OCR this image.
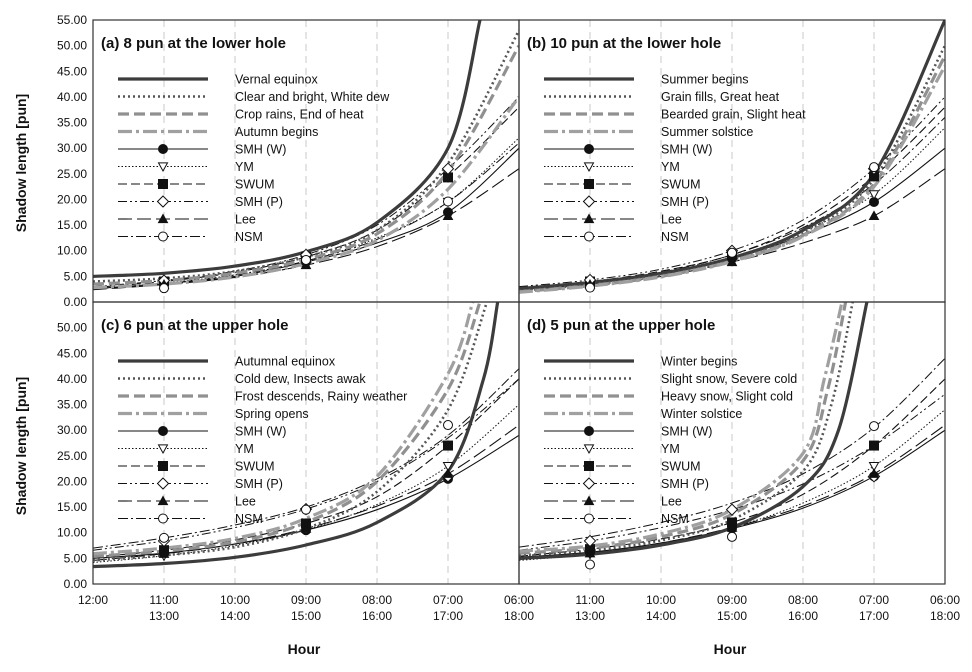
Shadow length [pun]
Shadow length [pun]
Hour	Hour
(a) 8 pun at the lower hole
Vernal equinox
Clear and bright, White dew
Crop rains, End of heat
Autumn begins
SMH (W)
YM
SWUM
SMH (P)
Lee
NSM
0.00
5.00
10.00
15.00
20.00
25.00
30.00
35.00
40.00
45.00
50.00
55.00
(b) 10 pun at the lower hole
Summer begins
Grain fills, Great heat
Bearded grain, Slight heat
Summer solstice
SMH (W)
YM
SWUM
SMH (P)
Lee
NSM
(c) 6 pun at the upper hole
Autumnal equinox
Cold dew, Insects awak
Frost descends, Rainy weather
Spring opens
SMH (W)
YM
SWUM
SMH (P)
Lee
NSM
0.00
5.00
10.00
15.00
20.00
25.00
30.00
35.00
40.00
45.00
50.00
12:00	11:00	10:00	09:00	08:00	07:00	06:00
13:00	14:00	15:00	16:00	17:00	18:00
(d) 5 pun at the upper hole
Winter begins
Slight snow, Severe cold
Heavy snow, Slight cold
Winter solstice
SMH (W)
YM
SWUM
SMH (P)
Lee
NSM
11:00	10:00	09:00	08:00	07:00	06:00
13:00	14:00	15:00	16:00	17:00	18:00
